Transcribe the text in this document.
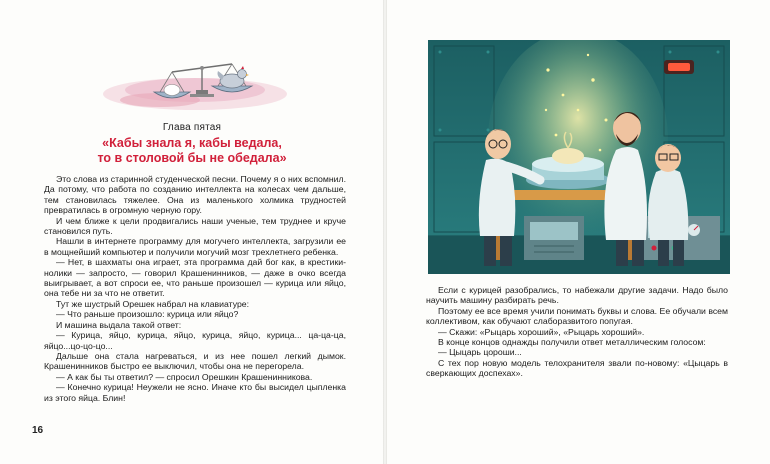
Глава пятая
«Кабы знала я, кабы ведала,
то в столовой бы не обедала»

Это слова из старинной студенческой песни. Почему я о них вспомнил. Да потому, что работа по созданию интеллекта на колесах чем дальше, тем становилась тяжелее. Она из маленького холмика трудностей превратилась в огромную черную гору.

И чем ближе к цели продвигались наши ученые, тем труднее и круче становился путь.

Нашли в интернете программу для могучего интеллекта, загрузили ее в мощнейший компьютер и получили могучий мозг трехлетнего ребенка.

— Нет, в шахматы она играет, эта программа дай бог как, в крестики-нолики — запросто, — говорил Крашенинников, — даже в очко всегда выигрывает, а вот спроси ее, что раньше произошел — курица или яйцо, она тебе ни за что не ответит.

Тут же шустрый Орешек набрал на клавиатуре:

— Что раньше произошло: курица или яйцо?

И машина выдала такой ответ:

— Курица, яйцо, курица, яйцо, курица, яйцо, курица... ца-ца-ца, яйцо...цо-цо-цо...

Дальше она стала нагреваться, и из нее пошел легкий дымок. Крашенинников быстро ее выключил, чтобы она не перегорела.

— А как бы ты ответил? — спросил Орешкин Крашенинникова.

— Конечно курица! Неужели не ясно. Иначе кто бы высидел цыпленка из этого яйца. Блин!

16

Если с курицей разобрались, то набежали другие задачи. Надо было научить машину разбирать речь.

Поэтому ее все время учили понимать буквы и слова. Ее обучали всем коллективом, как обучают слаборазвитого попугая.

— Скажи: «Рыцарь хороший», «Рыцарь хороший».

В конце концов однажды получили ответ металлическим голосом:

— Цыцарь цороши...

С тех пор новую модель телохранителя звали по-новому: «Цыцарь в сверкающих доспехах».
